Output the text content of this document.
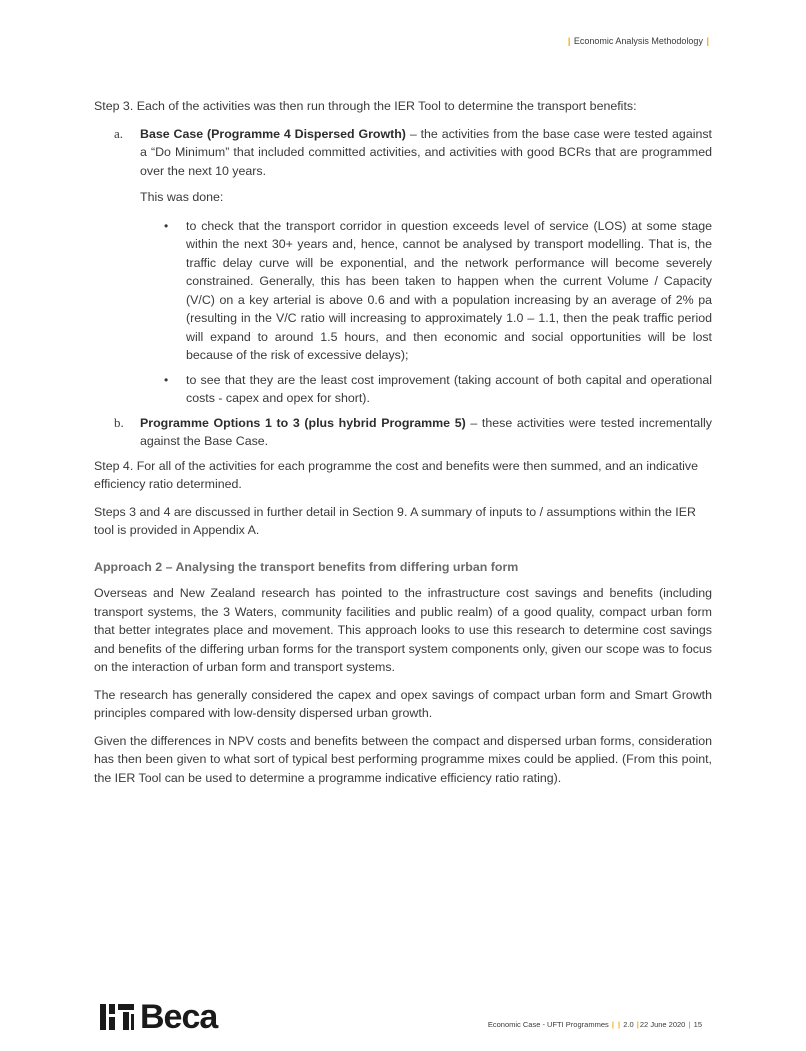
| Economic Analysis Methodology |

Step 3. Each of the activities was then run through the IER Tool to determine the transport benefits:

a. Base Case (Programme 4 Dispersed Growth) – the activities from the base case were tested against a “Do Minimum” that included committed activities, and activities with good BCRs that are programmed over the next 10 years.

This was done:

• to check that the transport corridor in question exceeds level of service (LOS) at some stage within the next 30+ years and, hence, cannot be analysed by transport modelling. That is, the traffic delay curve will be exponential, and the network performance will become severely constrained. Generally, this has been taken to happen when the current Volume / Capacity (V/C) on a key arterial is above 0.6 and with a population increasing by an average of 2% pa (resulting in the V/C ratio will increasing to approximately 1.0 – 1.1, then the peak traffic period will expand to around 1.5 hours, and then economic and social opportunities will be lost because of the risk of excessive delays);
• to see that they are the least cost improvement (taking account of both capital and operational costs - capex and opex for short).
b. Programme Options 1 to 3 (plus hybrid Programme 5) – these activities were tested incrementally against the Base Case.

Step 4. For all of the activities for each programme the cost and benefits were then summed, and an indicative efficiency ratio determined.

Steps 3 and 4 are discussed in further detail in Section 9. A summary of inputs to / assumptions within the IER tool is provided in Appendix A.

Approach 2 – Analysing the transport benefits from differing urban form

Overseas and New Zealand research has pointed to the infrastructure cost savings and benefits (including transport systems, the 3 Waters, community facilities and public realm) of a good quality, compact urban form that better integrates place and movement. This approach looks to use this research to determine cost savings and benefits of the differing urban forms for the transport system components only, given our scope was to focus on the interaction of urban form and transport systems.

The research has generally considered the capex and opex savings of compact urban form and Smart Growth principles compared with low-density dispersed urban growth.

Given the differences in NPV costs and benefits between the compact and dispersed urban forms, consideration has then been given to what sort of typical best performing programme mixes could be applied. (From this point, the IER Tool can be used to determine a programme indicative efficiency ratio rating).

Beca	Economic Case - UFTI Programmes | | 2.0 |22 June 2020 | 15
